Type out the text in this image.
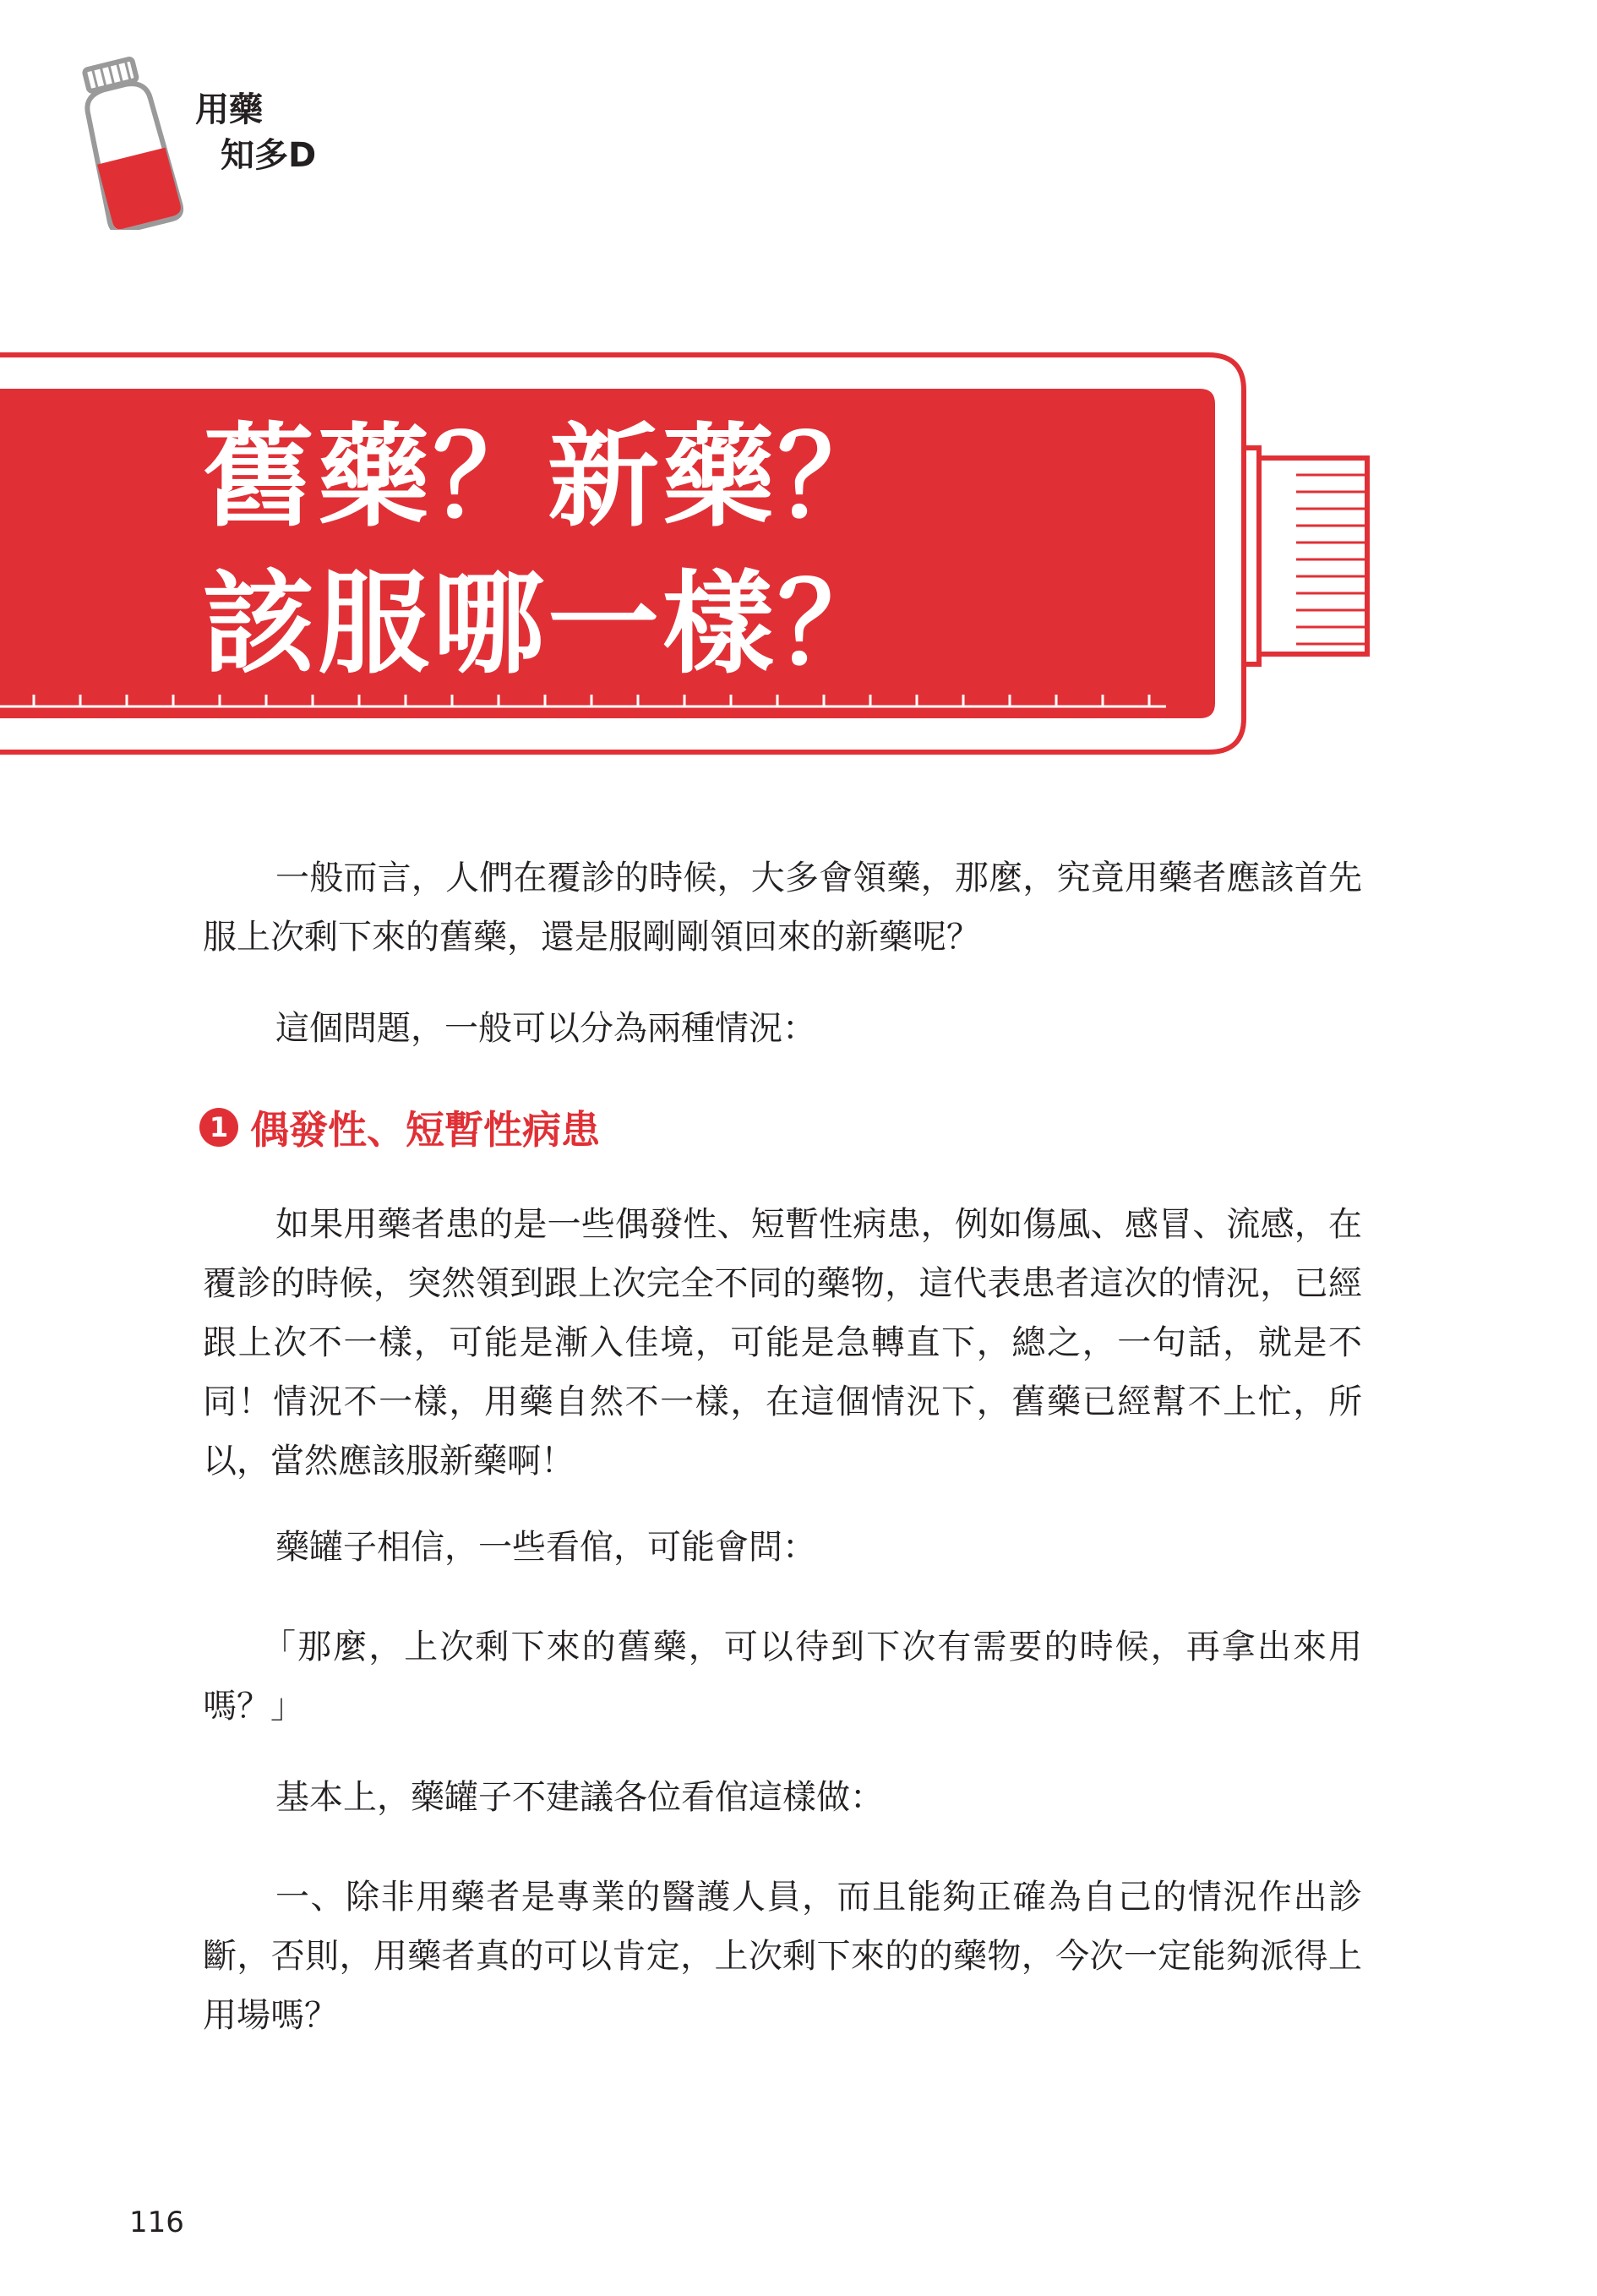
用藥
知多D
舊藥？新藥？
該服哪一樣？

一般而言，人們在覆診的時候，大多會領藥，那麼，究竟用藥者應該首先服上次剩下來的舊藥，還是服剛剛領回來的新藥呢？

這個問題，一般可以分為兩種情況：

1 偶發性、短暫性病患

如果用藥者患的是一些偶發性、短暫性病患，例如傷風、感冒、流感，在覆診的時候，突然領到跟上次完全不同的藥物，這代表患者這次的情況，已經跟上次不一樣，可能是漸入佳境，可能是急轉直下，總之，一句話，就是不同！情況不一樣，用藥自然不一樣，在這個情況下，舊藥已經幫不上忙，所以，當然應該服新藥啊！

藥罐子相信，一些看倌，可能會問：

「那麼，上次剩下來的舊藥，可以待到下次有需要的時候，再拿出來用嗎？」

基本上，藥罐子不建議各位看倌這樣做：

一、除非用藥者是專業的醫護人員，而且能夠正確為自己的情況作出診斷，否則，用藥者真的可以肯定，上次剩下來的的藥物，今次一定能夠派得上用場嗎？

116
